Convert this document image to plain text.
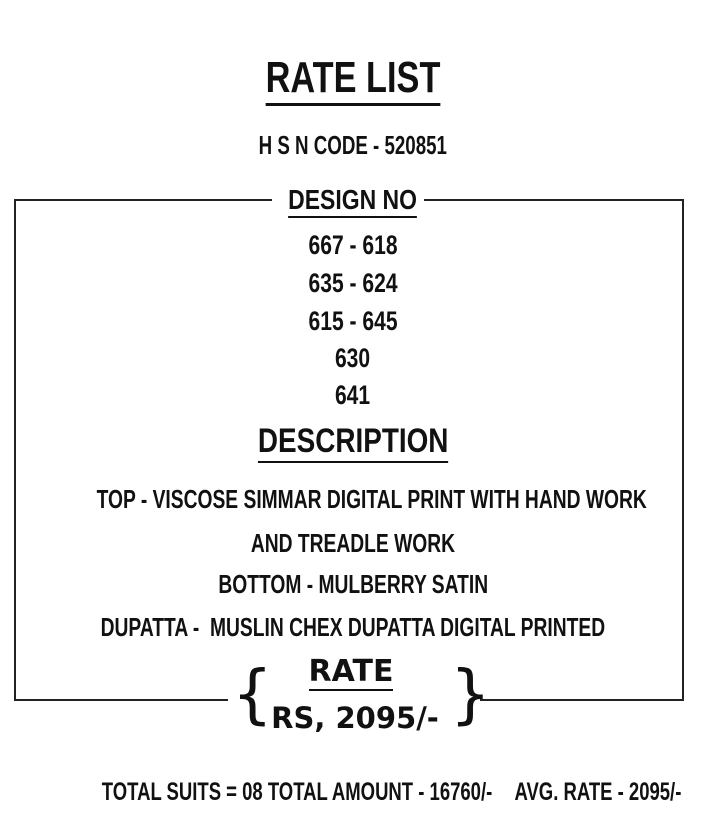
RATE LIST
H S N CODE - 520851
DESIGN NO
667 - 618
635 - 624
615 - 645
630
641
DESCRIPTION
TOP - VISCOSE SIMMAR DIGITAL PRINT WITH HAND WORK
AND TREADLE WORK
BOTTOM - MULBERRY SATIN
DUPATTA -  MUSLIN CHEX DUPATTA DIGITAL PRINTED
{	}
RATE
RS, 2095/-
TOTAL SUITS = 08 TOTAL AMOUNT - 16760/- AVG. RATE - 2095/-
